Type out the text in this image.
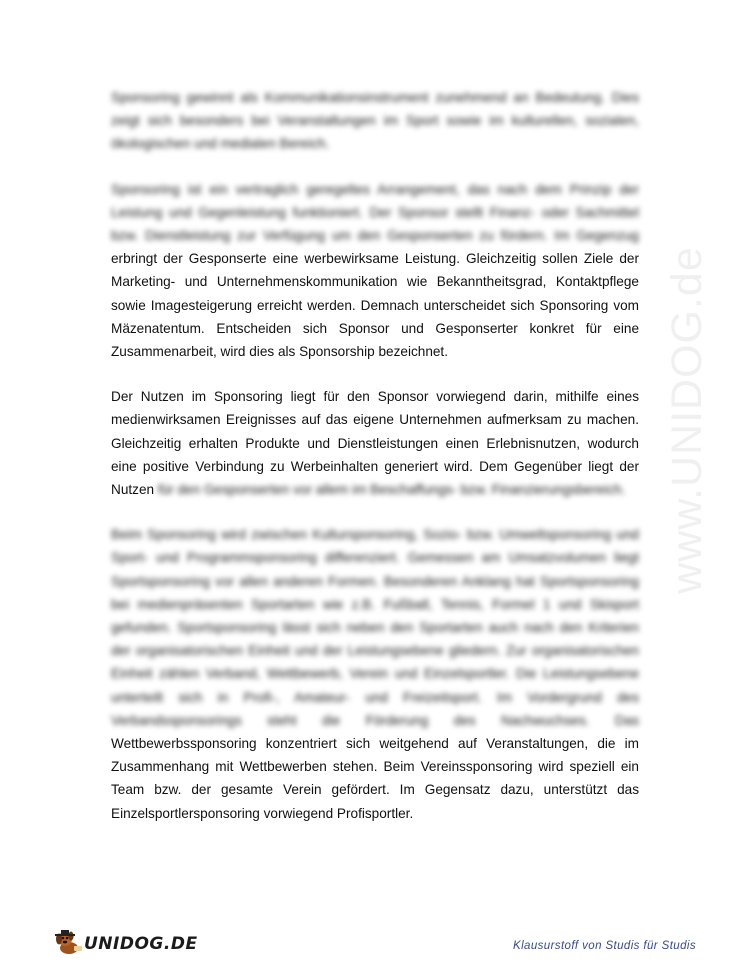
www.UNIDOG.de

Sponsoring gewinnt als Kommunikationsinstrument zunehmend an Bedeutung. Dies zeigt sich besonders bei Veranstaltungen im Sport sowie im kulturellen, sozialen, ökologischen und medialen Bereich.

Sponsoring ist ein vertraglich geregeltes Arrangement, das nach dem Prinzip der Leistung und Gegenleistung funktioniert. Der Sponsor stellt Finanz- oder Sachmittel bzw. Dienstleistung zur Verfügung um den Gesponserten zu fördern. Im Gegenzug erbringt der Gesponserte eine werbewirksame Leistung. Gleichzeitig sollen Ziele der Marketing- und Unternehmenskommunikation wie Bekanntheitsgrad, Kontaktpflege sowie Imagesteigerung erreicht werden. Demnach unterscheidet sich Sponsoring vom Mäzenatentum. Entscheiden sich Sponsor und Gesponserter konkret für eine Zusammenarbeit, wird dies als Sponsorship bezeichnet.

Der Nutzen im Sponsoring liegt für den Sponsor vorwiegend darin, mithilfe eines medienwirksamen Ereignisses auf das eigene Unternehmen aufmerksam zu machen. Gleichzeitig erhalten Produkte und Dienstleistungen einen Erlebnisnutzen, wodurch eine positive Verbindung zu Werbeinhalten generiert wird. Dem Gegenüber liegt der Nutzen für den Gesponserten vor allem im Beschaffungs- bzw. Finanzierungsbereich.

Beim Sponsoring wird zwischen Kultursponsoring, Sozio- bzw. Umweltsponsoring und Sport- und Programmsponsoring differenziert. Gemessen am Umsatzvolumen liegt Sportsponsoring vor allen anderen Formen. Besonderen Anklang hat Sportsponsoring bei medienpräsenten Sportarten wie z.B. Fußball, Tennis, Formel 1 und Skisport gefunden. Sportsponsoring lässt sich neben den Sportarten auch nach den Kriterien der organisatorischen Einheit und der Leistungsebene gliedern. Zur organisatorischen Einheit zählen Verband, Wettbewerb, Verein und Einzelsportler. Die Leistungsebene unterteilt sich in Profi-, Amateur- und Freizeitsport. Im Vordergrund des Verbandssponsorings steht die Förderung des Nachwuchses. Das Wettbewerbssponsoring konzentriert sich weitgehend auf Veranstaltungen, die im Zusammenhang mit Wettbewerben stehen. Beim Vereinssponsoring wird speziell ein Team bzw. der gesamte Verein gefördert. Im Gegensatz dazu, unterstützt das Einzelsportlersponsoring vorwiegend Profisportler.

UNIDOG.DE	Klausurstoff von Studis für Studis
